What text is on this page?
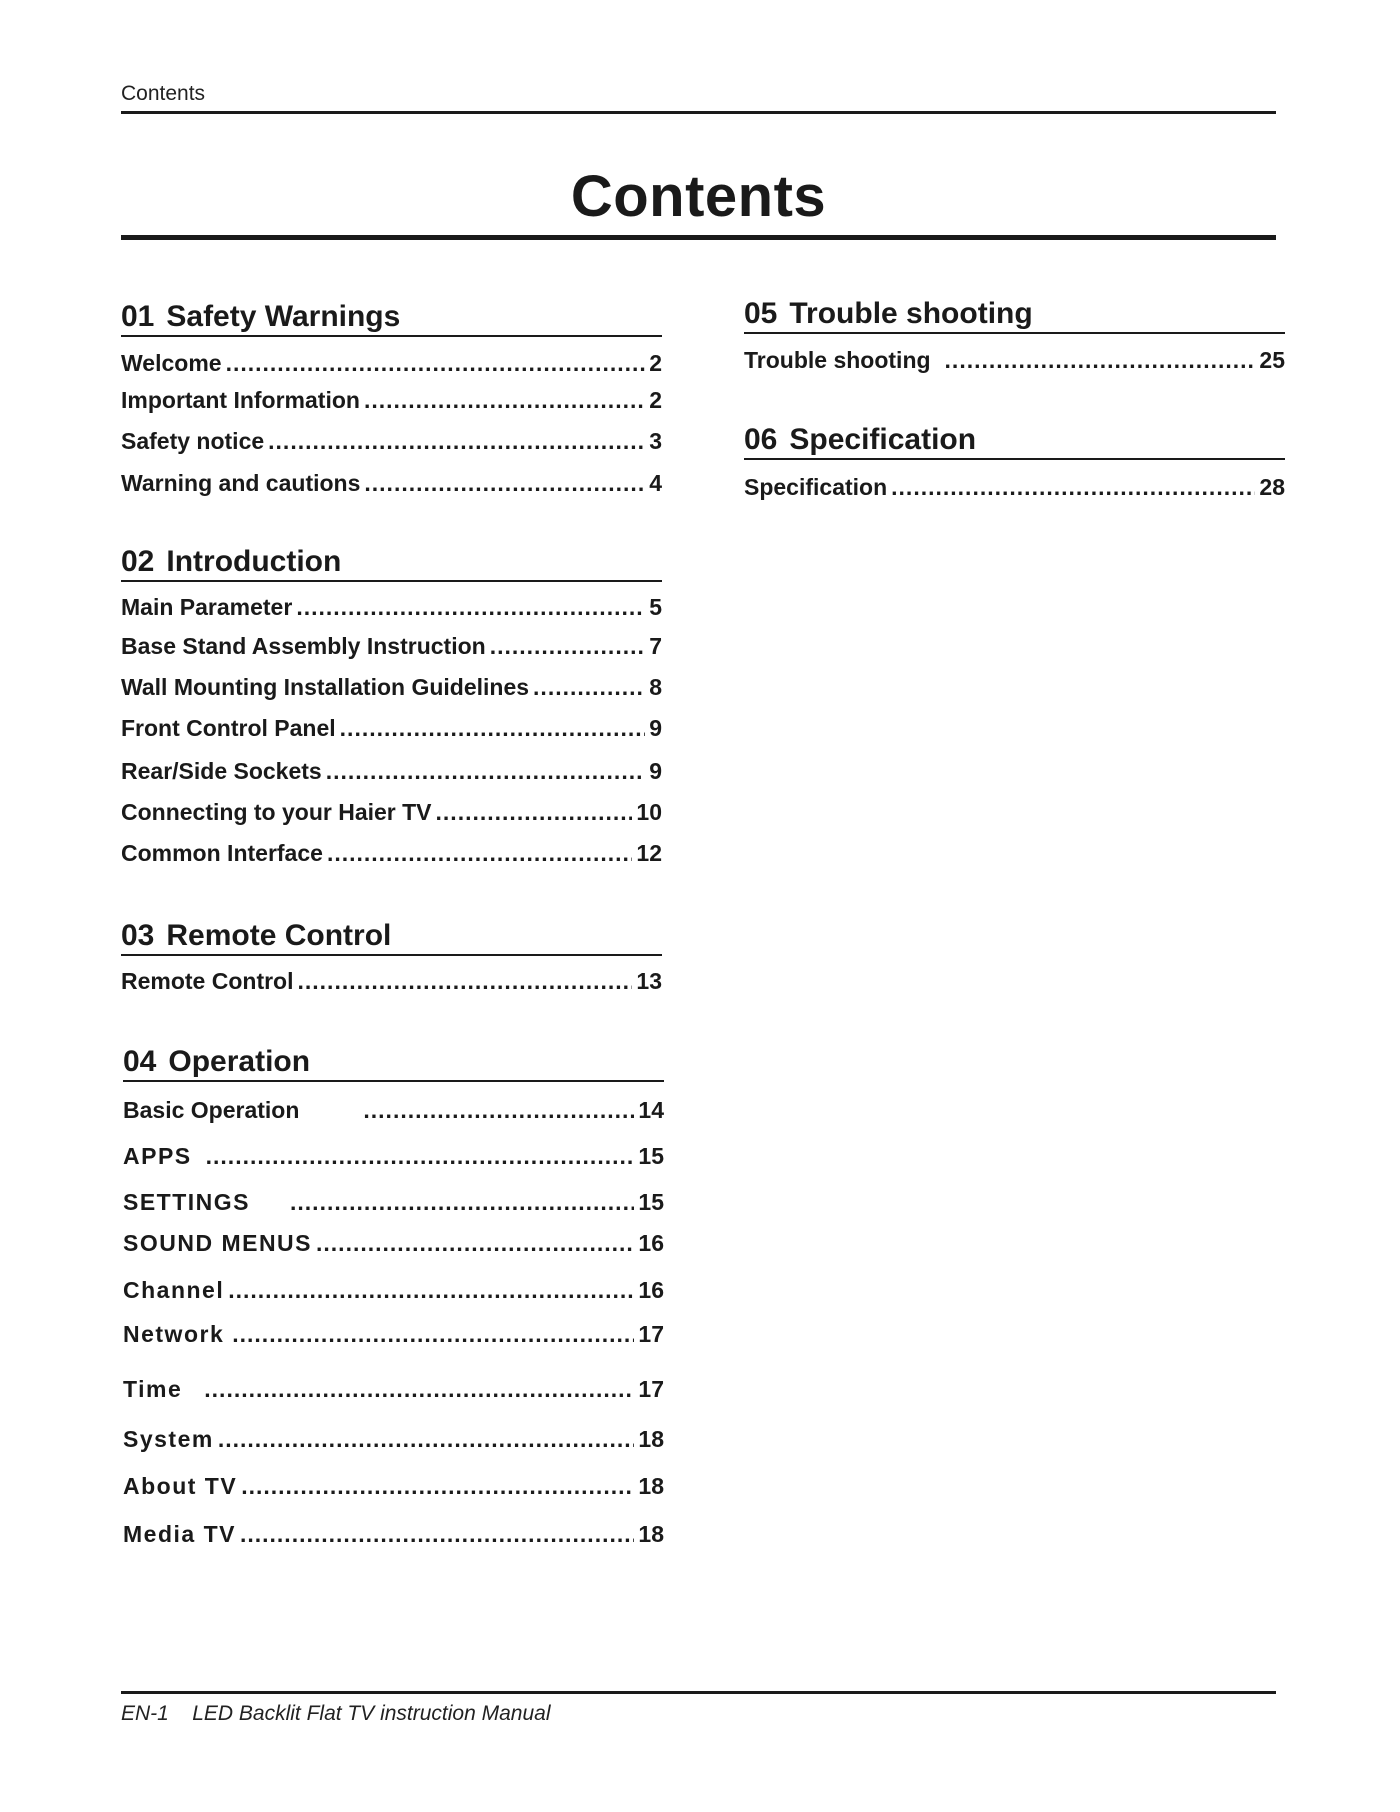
Contents
Contents
01 Safety Warnings
Welcome .....	2
Important Information .....	2
Safety notice .....	3
Warning and cautions .....	4
02 Introduction
Main Parameter .....	5
Base Stand Assembly Instruction .....	7
Wall Mounting Installation Guidelines .....	8
Front Control Panel .....	9
Rear/Side Sockets .....	9
Connecting to your Haier TV .....	10
Common Interface .....	12
03 Remote Control
Remote Control .....	13
04 Operation
Basic Operation .....	14
APPS .....	15
SETTINGS .....	15
SOUND MENUS .....	16
Channel .....	16
Network .....	17
Time .....	17
System .....	18
About TV .....	18
Media TV .....	18
05 Trouble shooting
Trouble shooting .....	25
06 Specification
Specification .....	28
EN-1 LED Backlit Flat TV instruction Manual
